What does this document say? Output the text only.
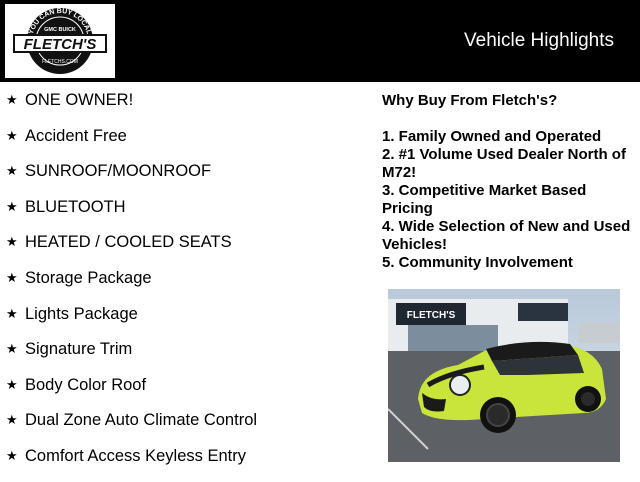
YOU CAN BUY LOCAL
GMC BUICK
FLETCH'S
FLETCHS.COM
Vehicle Highlights
★ ONE OWNER!
★ Accident Free
★ SUNROOF/MOONROOF
★ BLUETOOTH
★ HEATED / COOLED SEATS
★ Storage Package
★ Lights Package
★ Signature Trim
★ Body Color Roof
★ Dual Zone Auto Climate Control
★ Comfort Access Keyless Entry
Why Buy From Fletch's?
1. Family Owned and Operated
2. #1 Volume Used Dealer North of M72!
3. Competitive Market Based Pricing
4. Wide Selection of New and Used Vehicles!
5. Community Involvement
FLETCH'S
